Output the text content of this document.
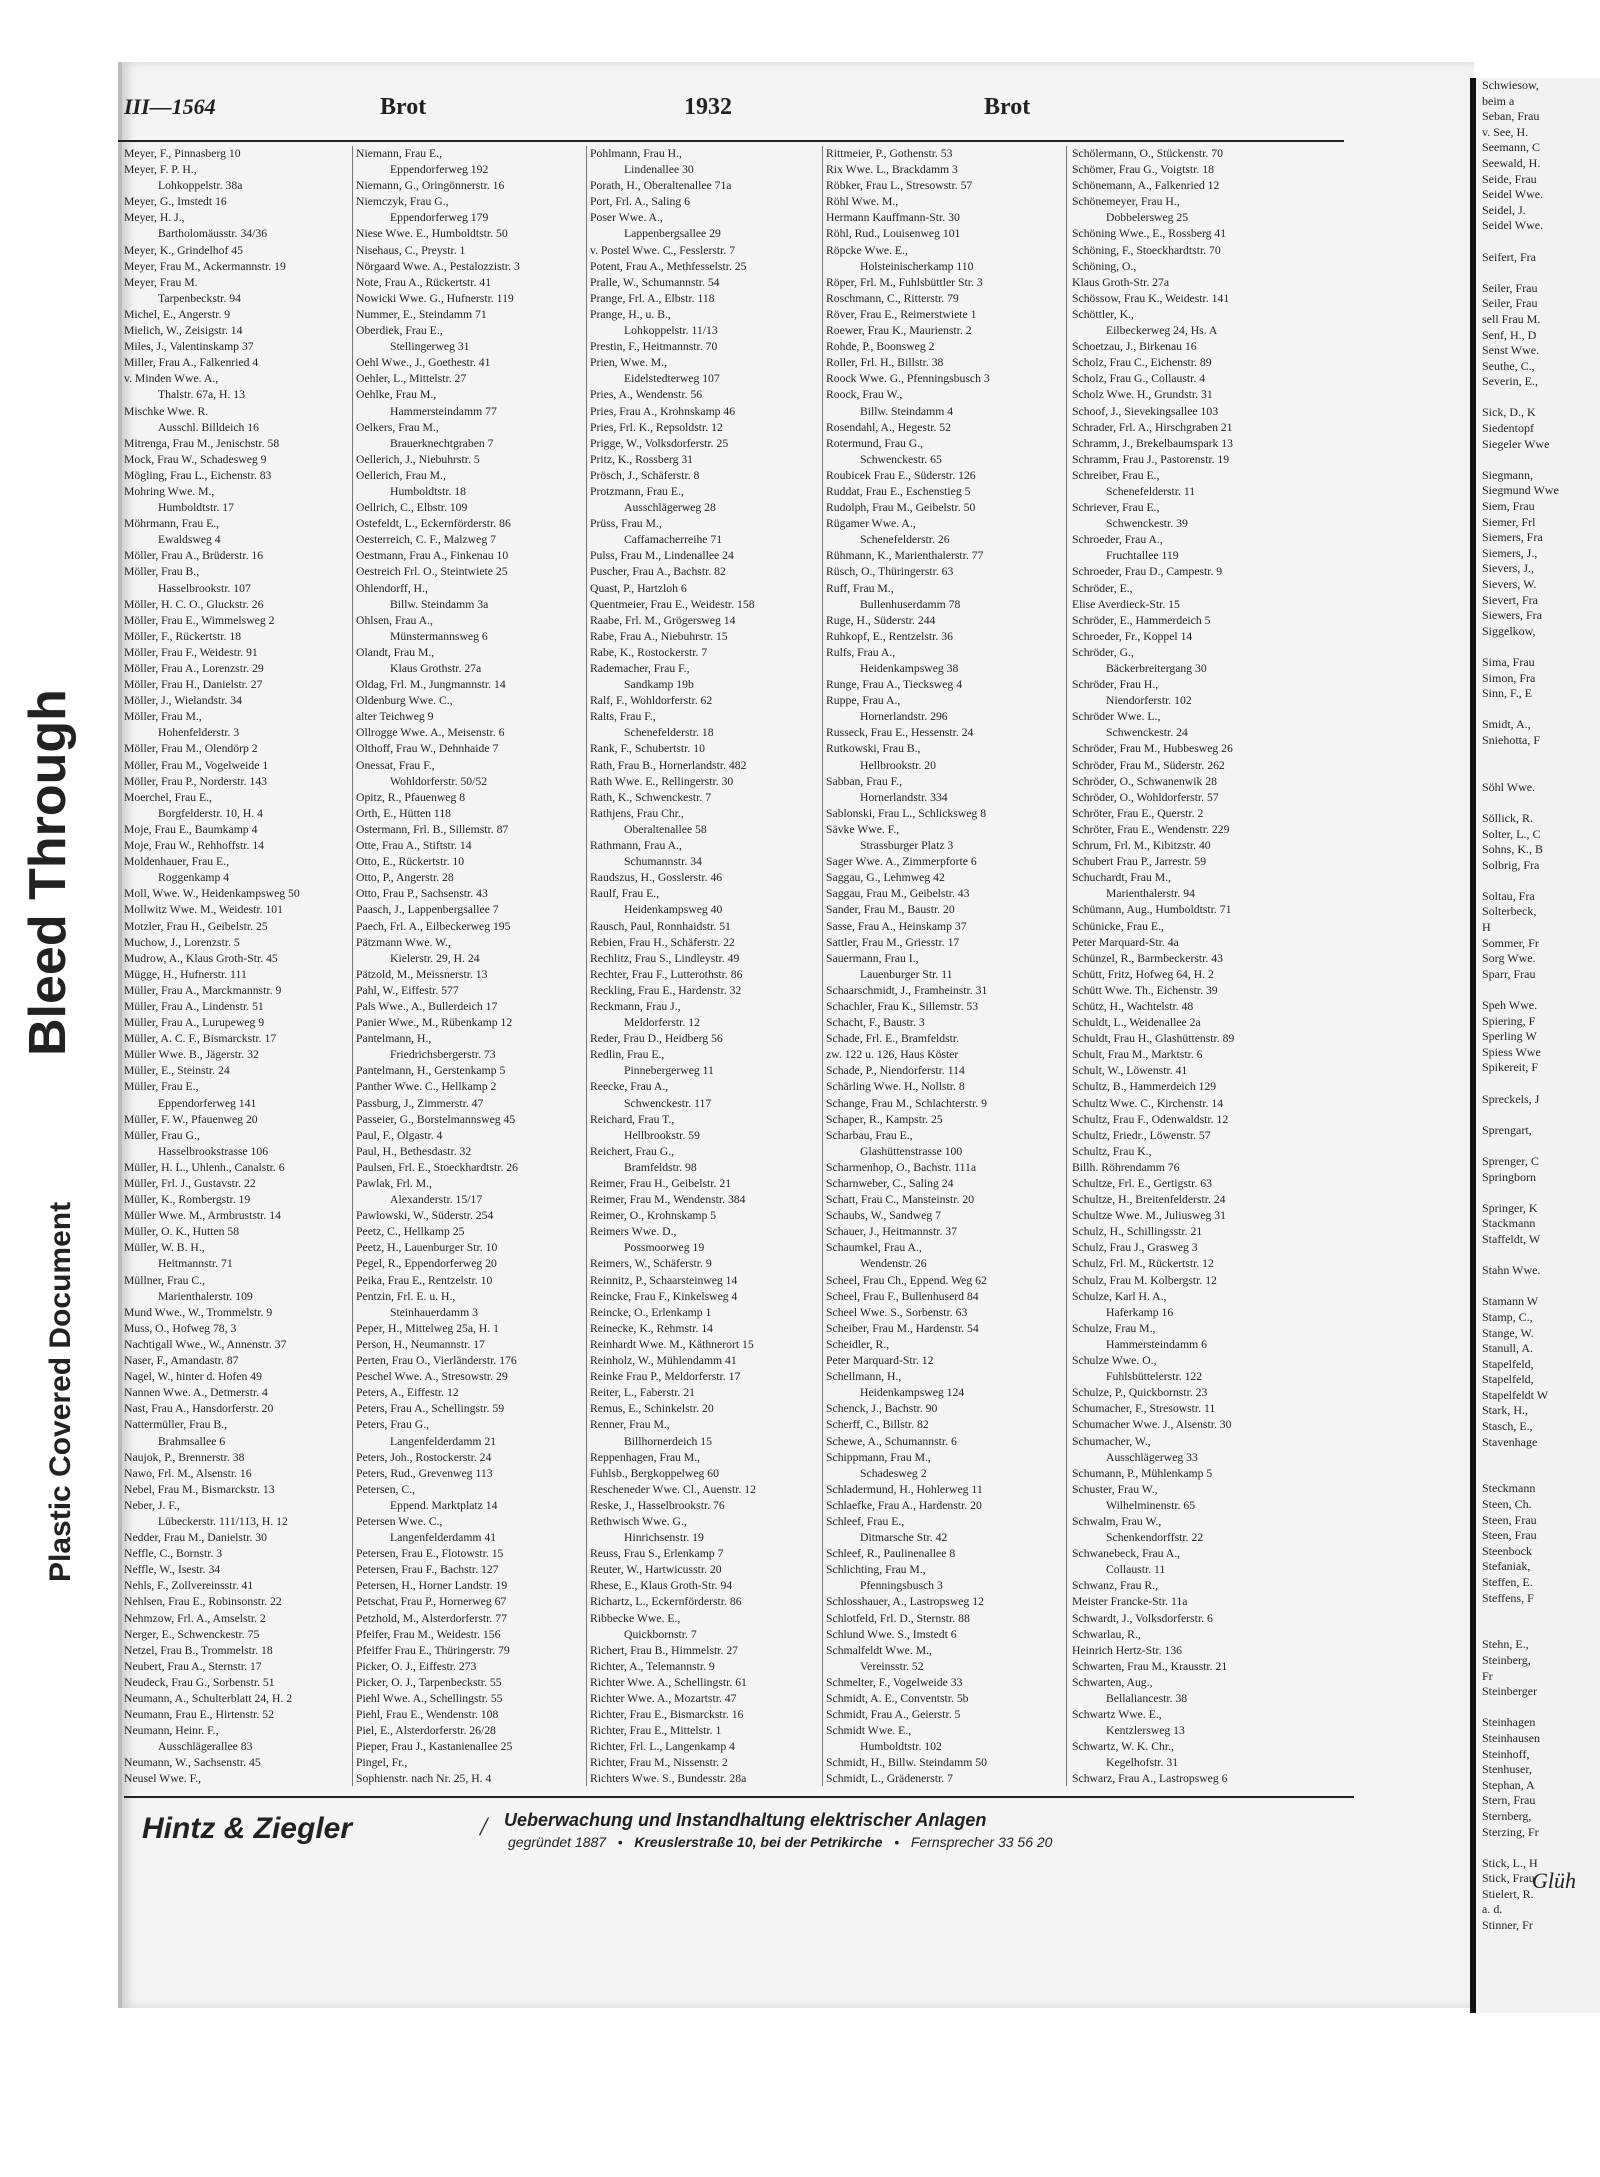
Bleed Through
Plastic Covered Document
III—1564	Brot	1932	Brot
Meyer, F., Pinnasberg 10
Meyer, F. P. H.,
Lohkoppelstr. 38a
Meyer, G., Imstedt 16
Meyer, H. J.,
Bartholomäusstr. 34/36
Meyer, K., Grindelhof 45
Meyer, Frau M., Ackermannstr. 19
Meyer, Frau M.
Tarpenbeckstr. 94
Michel, E., Angerstr. 9
Mielich, W., Zeisigstr. 14
Miles, J., Valentinskamp 37
Miller, Frau A., Falkenried 4
v. Minden Wwe. A.,
Thalstr. 67a, H. 13
Mischke Wwe. R.
Ausschl. Billdeich 16
Mitrenga, Frau M., Jenischstr. 58
Mock, Frau W., Schadesweg 9
Mögling, Frau L., Eichenstr. 83
Mohring Wwe. M.,
Humboldtstr. 17
Möhrmann, Frau E.,
Ewaldsweg 4
Möller, Frau A., Brüderstr. 16
Möller, Frau B.,
Hasselbrookstr. 107
Möller, H. C. O., Gluckstr. 26
Möller, Frau E., Wimmelsweg 2
Möller, F., Rückertstr. 18
Möller, Frau F., Weidestr. 91
Möller, Frau A., Lorenzstr. 29
Möller, Frau H., Danielstr. 27
Möller, J., Wielandstr. 34
Möller, Frau M.,
Hohenfelderstr. 3
Möller, Frau M., Olendörp 2
Möller, Frau M., Vogelweide 1
Möller, Frau P., Norderstr. 143
Moerchel, Frau E.,
Borgfelderstr. 10, H. 4
Moje, Frau E., Baumkamp 4
Moje, Frau W., Rehhoffstr. 14
Moldenhauer, Frau E.,
Roggenkamp 4
Moll, Wwe. W., Heidenkampsweg 50
Mollwitz Wwe. M., Weidestr. 101
Motzler, Frau H., Geibelstr. 25
Muchow, J., Lorenzstr. 5
Mudrow, A., Klaus Groth-Str. 45
Mügge, H., Hufnerstr. 111
Müller, Frau A., Marckmannstr. 9
Müller, Frau A., Lindenstr. 51
Müller, Frau A., Lurupeweg 9
Müller, A. C. F., Bismarckstr. 17
Müller Wwe. B., Jägerstr. 32
Müller, E., Steinstr. 24
Müller, Frau E.,
Eppendorferweg 141
Müller, F. W., Pfauenweg 20
Müller, Frau G.,
Hasselbrookstrasse 106
Müller, H. L., Uhlenh., Canalstr. 6
Müller, Frl. J., Gustavstr. 22
Müller, K., Rombergstr. 19
Müller Wwe. M., Armbruststr. 14
Müller, O. K., Hutten 58
Müller, W. B. H.,
Heitmannstr. 71
Müllner, Frau C.,
Marienthalerstr. 109
Mund Wwe., W., Trommelstr. 9
Muss, O., Hofweg 78, 3
Nachtigall Wwe., W., Annenstr. 37
Naser, F., Amandastr. 87
Nagel, W., hinter d. Hofen 49
Nannen Wwe. A., Detmerstr. 4
Nast, Frau A., Hansdorferstr. 20
Nattermüller, Frau B.,
Brahmsallee 6
Naujok, P., Brennerstr. 38
Nawo, Frl. M., Alsenstr. 16
Nebel, Frau M., Bismarckstr. 13
Neber, J. F.,
Lübeckerstr. 111/113, H. 12
Nedder, Frau M., Danielstr. 30
Neffle, C., Bornstr. 3
Neffle, W., Isestr. 34
Nehls, F., Zollvereinsstr. 41
Nehlsen, Frau E., Robinsonstr. 22
Nehmzow, Frl. A., Amselstr. 2
Nerger, E., Schwenckestr. 75
Netzel, Frau B., Trommelstr. 18
Neubert, Frau A., Sternstr. 17
Neudeck, Frau G., Sorbenstr. 51
Neumann, A., Schulterblatt 24, H. 2
Neumann, Frau E., Hirtenstr. 52
Neumann, Heinr. F.,
Ausschlägerallee 83
Neumann, W., Sachsenstr. 45
Neusel Wwe. F.,
Niemann, Frau E.,
Eppendorferweg 192
Niemann, G., Oringönnerstr. 16
Niemczyk, Frau G.,
Eppendorferweg 179
Niese Wwe. E., Humboldtstr. 50
Nisehaus, C., Preystr. 1
Nörgaard Wwe. A., Pestalozzistr. 3
Note, Frau A., Rückertstr. 41
Nowicki Wwe. G., Hufnerstr. 119
Nummer, E., Steindamm 71
Oberdiek, Frau E.,
Stellingerweg 31
Oehl Wwe., J., Goethestr. 41
Oehler, L., Mittelstr. 27
Oehlke, Frau M.,
Hammersteindamm 77
Oelkers, Frau M.,
Brauerknechtgraben 7
Oellerich, J., Niebuhrstr. 5
Oellerich, Frau M.,
Humboldtstr. 18
Oellrich, C., Elbstr. 109
Ostefeldt, L., Eckernförderstr. 86
Oesterreich, C. F., Malzweg 7
Oestmann, Frau A., Finkenau 10
Oestreich Frl. O., Steintwiete 25
Ohlendorff, H.,
Billw. Steindamm 3a
Ohlsen, Frau A.,
Münstermannsweg 6
Olandt, Frau M.,
Klaus Grothstr. 27a
Oldag, Frl. M., Jungmannstr. 14
Oldenburg Wwe. C.,
alter Teichweg 9
Ollrogge Wwe. A., Meisenstr. 6
Olthoff, Frau W., Dehnhaide 7
Onessat, Frau F.,
Wohldorferstr. 50/52
Opitz, R., Pfauenweg 8
Orth, E., Hütten 118
Ostermann, Frl. B., Sillemstr. 87
Otte, Frau A., Stiftstr. 14
Otto, E., Rückertstr. 10
Otto, P., Angerstr. 28
Otto, Frau P., Sachsenstr. 43
Paasch, J., Lappenbergsallee 7
Paech, Frl. A., Eilbeckerweg 195
Pätzmann Wwe. W.,
Kielerstr. 29, H. 24
Pätzold, M., Meissnerstr. 13
Pahl, W., Eiffestr. 577
Pals Wwe., A., Bullerdeich 17
Panier Wwe., M., Rübenkamp 12
Pantelmann, H.,
Friedrichsbergerstr. 73
Pantelmann, H., Gerstenkamp 5
Panther Wwe. C., Hellkamp 2
Passburg, J., Zimmerstr. 47
Passeier, G., Borstelmannsweg 45
Paul, F., Olgastr. 4
Paul, H., Bethesdastr. 32
Paulsen, Frl. E., Stoeckhardtstr. 26
Pawlak, Frl. M.,
Alexanderstr. 15/17
Pawlowski, W., Süderstr. 254
Peetz, C., Hellkamp 25
Peetz, H., Lauenburger Str. 10
Pegel, R., Eppendorferweg 20
Peika, Frau E., Rentzelstr. 10
Pentzin, Frl. E. u. H.,
Steinhauerdamm 3
Peper, H., Mittelweg 25a, H. 1
Person, H., Neumannstr. 17
Perten, Frau O., Vierländerstr. 176
Peschel Wwe. A., Stresowstr. 29
Peters, A., Eiffestr. 12
Peters, Frau A., Schellingstr. 59
Peters, Frau G.,
Langenfelderdamm 21
Peters, Joh., Rostockerstr. 24
Peters, Rud., Grevenweg 113
Petersen, C.,
Eppend. Marktplatz 14
Petersen Wwe. C.,
Langenfelderdamm 41
Petersen, Frau E., Flotowstr. 15
Petersen, Frau F., Bachstr. 127
Petersen, H., Horner Landstr. 19
Petschat, Frau P., Hornerweg 67
Petzhold, M., Alsterdorferstr. 77
Pfeifer, Frau M., Weidestr. 156
Pfeiffer Frau E., Thüringerstr. 79
Picker, O. J., Eiffestr. 273
Picker, O. J., Tarpenbeckstr. 55
Piehl Wwe. A., Schellingstr. 55
Piehl, Frau E., Wendenstr. 108
Piel, E., Alsterdorferstr. 26/28
Pieper, Frau J., Kastanienallee 25
Pingel, Fr.,
Sophienstr. nach Nr. 25, H. 4
Pohlmann, Frau H.,
Lindenallee 30
Porath, H., Oberaltenallee 71a
Port, Frl. A., Saling 6
Poser Wwe. A.,
Lappenbergsallee 29
v. Postel Wwe. C., Fesslerstr. 7
Potent, Frau A., Methfesselstr. 25
Pralle, W., Schumannstr. 54
Prange, Frl. A., Elbstr. 118
Prange, H., u. B.,
Lohkoppelstr. 11/13
Prestin, F., Heitmannstr. 70
Prien, Wwe. M.,
Eidelstedterweg 107
Pries, A., Wendenstr. 56
Pries, Frau A., Krohnskamp 46
Pries, Frl. K., Repsoldstr. 12
Prigge, W., Volksdorferstr. 25
Pritz, K., Rossberg 31
Prösch, J., Schäferstr. 8
Protzmann, Frau E.,
Ausschlägerweg 28
Prüss, Frau M.,
Caffamacherreihe 71
Pulss, Frau M., Lindenallee 24
Puscher, Frau A., Bachstr. 82
Quast, P., Hartzloh 6
Quentmeier, Frau E., Weidestr. 158
Raabe, Frl. M., Grögersweg 14
Rabe, Frau A., Niebuhrstr. 15
Rabe, K., Rostockerstr. 7
Rademacher, Frau F.,
Sandkamp 19b
Ralf, F., Wohldorferstr. 62
Ralts, Frau F.,
Schenefelderstr. 18
Rank, F., Schubertstr. 10
Rath, Frau B., Hornerlandstr. 482
Rath Wwe. E., Rellingerstr. 30
Rath, K., Schwenckestr. 7
Rathjens, Frau Chr.,
Oberaltenallee 58
Rathmann, Frau A.,
Schumannstr. 34
Raudszus, H., Gosslerstr. 46
Raulf, Frau E.,
Heidenkampsweg 40
Rausch, Paul, Ronnhaidstr. 51
Rebien, Frau H., Schäferstr. 22
Rechlitz, Frau S., Lindleystr. 49
Rechter, Frau F., Lutterothstr. 86
Reckling, Frau E., Hardenstr. 32
Reckmann, Frau J.,
Meldorferstr. 12
Reder, Frau D., Heidberg 56
Redlin, Frau E.,
Pinnebergerweg 11
Reecke, Frau A.,
Schwenckestr. 117
Reichard, Frau T.,
Hellbrookstr. 59
Reichert, Frau G.,
Bramfeldstr. 98
Reimer, Frau H., Geibelstr. 21
Reimer, Frau M., Wendenstr. 384
Reimer, O., Krohnskamp 5
Reimers Wwe. D.,
Possmoorweg 19
Reimers, W., Schäferstr. 9
Reinnitz, P., Schaarsteinweg 14
Reincke, Frau F., Kinkelsweg 4
Reincke, O., Erlenkamp 1
Reinecke, K., Rehmstr. 14
Reinhardt Wwe. M., Käthnerort 15
Reinholz, W., Mühlendamm 41
Reinke Frau P., Meldorferstr. 17
Reiter, L., Faberstr. 21
Remus, E., Schinkelstr. 20
Renner, Frau M.,
Billhornerdeich 15
Reppenhagen, Frau M.,
Fuhlsb., Bergkoppelweg 60
Rescheneder Wwe. Cl., Auenstr. 12
Reske, J., Hasselbrookstr. 76
Rethwisch Wwe. G.,
Hinrichsenstr. 19
Reuss, Frau S., Erlenkamp 7
Reuter, W., Hartwicusstr. 20
Rhese, E., Klaus Groth-Str. 94
Richartz, L., Eckernförderstr. 86
Ribbecke Wwe. E.,
Quickbornstr. 7
Richert, Frau B., Himmelstr. 27
Richter, A., Telemannstr. 9
Richter Wwe. A., Schellingstr. 61
Richter Wwe. A., Mozartstr. 47
Richter, Frau E., Bismarckstr. 16
Richter, Frau E., Mittelstr. 1
Richter, Frl. L., Langenkamp 4
Richter, Frau M., Nissenstr. 2
Richters Wwe. S., Bundesstr. 28a
Rittmeier, P., Gothenstr. 53
Rix Wwe. L., Brackdamm 3
Röbker, Frau L., Stresowstr. 57
Röhl Wwe. M.,
Hermann Kauffmann-Str. 30
Röhl, Rud., Louisenweg 101
Röpcke Wwe. E.,
Holsteinischerkamp 110
Röper, Frl. M., Fuhlsbüttler Str. 3
Roschmann, C., Ritterstr. 79
Röver, Frau E., Reimerstwiete 1
Roewer, Frau K., Maurienstr. 2
Rohde, P., Boonsweg 2
Roller, Frl. H., Billstr. 38
Roock Wwe. G., Pfenningsbusch 3
Roock, Frau W.,
Billw. Steindamm 4
Rosendahl, A., Hegestr. 52
Rotermund, Frau G.,
Schwenckestr. 65
Roubicek Frau E., Süderstr. 126
Ruddat, Frau E., Eschenstieg 5
Rudolph, Frau M., Geibelstr. 50
Rügamer Wwe. A.,
Schenefelderstr. 26
Rühmann, K., Marienthalerstr. 77
Rüsch, O., Thüringerstr. 63
Ruff, Frau M.,
Bullenhuserdamm 78
Ruge, H., Süderstr. 244
Ruhkopf, E., Rentzelstr. 36
Rulfs, Frau A.,
Heidenkampsweg 38
Runge, Frau A., Tiecksweg 4
Ruppe, Frau A.,
Hornerlandstr. 296
Russeck, Frau E., Hessenstr. 24
Rutkowski, Frau B.,
Hellbrookstr. 20
Sabban, Frau F.,
Hornerlandstr. 334
Sablonski, Frau L., Schlicksweg 8
Sävke Wwe. F.,
Strassburger Platz 3
Sager Wwe. A., Zimmerpforte 6
Saggau, G., Lehmweg 42
Saggau, Frau M., Geibelstr. 43
Sander, Frau M., Baustr. 20
Sasse, Frau A., Heinskamp 37
Sattler, Frau M., Griesstr. 17
Sauermann, Frau I.,
Lauenburger Str. 11
Schaarschmidt, J., Framheinstr. 31
Schachler, Frau K., Sillemstr. 53
Schacht, F., Baustr. 3
Schade, Frl. E., Bramfeldstr.
zw. 122 u. 126, Haus Köster
Schade, P., Niendorferstr. 114
Schärling Wwe. H., Nollstr. 8
Schange, Frau M., Schlachterstr. 9
Schaper, R., Kampstr. 25
Scharbau, Frau E.,
Glashüttenstrasse 100
Scharmenhop, O., Bachstr. 111a
Scharnweber, C., Saling 24
Schatt, Frau C., Mansteinstr. 20
Schaubs, W., Sandweg 7
Schauer, J., Heitmannstr. 37
Schaumkel, Frau A.,
Wendenstr. 26
Scheel, Frau Ch., Eppend. Weg 62
Scheel, Frau F., Bullenhuserd 84
Scheel Wwe. S., Sorbenstr. 63
Scheiber, Frau M., Hardenstr. 54
Scheidler, R.,
Peter Marquard-Str. 12
Schellmann, H.,
Heidenkampsweg 124
Schenck, J., Bachstr. 90
Scherff, C., Billstr. 82
Schewe, A., Schumannstr. 6
Schippmann, Frau M.,
Schadesweg 2
Schladermund, H., Hohlerweg 11
Schlaefke, Frau A., Hardenstr. 20
Schleef, Frau E.,
Ditmarsche Str. 42
Schleef, R., Paulinenallee 8
Schlichting, Frau M.,
Pfenningsbusch 3
Schlosshauer, A., Lastropsweg 12
Schlotfeld, Frl. D., Sternstr. 88
Schlund Wwe. S., Imstedt 6
Schmalfeldt Wwe. M.,
Vereinsstr. 52
Schmelter, F., Vogelweide 33
Schmidt, A. E., Conventstr. 5b
Schmidt, Frau A., Geierstr. 5
Schmidt Wwe. E.,
Humboldtstr. 102
Schmidt, H., Billw. Steindamm 50
Schmidt, L., Grädenerstr. 7
Schölermann, O., Stückenstr. 70
Schömer, Frau G., Voigtstr. 18
Schönemann, A., Falkenried 12
Schönemeyer, Frau H.,
Dobbelersweg 25
Schöning Wwe., E., Rossberg 41
Schöning, F., Stoeckhardtstr. 70
Schöning, O.,
Klaus Groth-Str. 27a
Schössow, Frau K., Weidestr. 141
Schöttler, K.,
Eilbeckerweg 24, Hs. A
Schoetzau, J., Birkenau 16
Scholz, Frau C., Eichenstr. 89
Scholz, Frau G., Collaustr. 4
Scholz Wwe. H., Grundstr. 31
Schoof, J., Sievekingsallee 103
Schrader, Frl. A., Hirschgraben 21
Schramm, J., Brekelbaumspark 13
Schramm, Frau J., Pastorenstr. 19
Schreiber, Frau E.,
Schenefelderstr. 11
Schriever, Frau E.,
Schwenckestr. 39
Schroeder, Frau A.,
Fruchtallee 119
Schroeder, Frau D., Campestr. 9
Schröder, E.,
Elise Averdieck-Str. 15
Schröder, E., Hammerdeich 5
Schroeder, Fr., Koppel 14
Schröder, G.,
Bäckerbreitergang 30
Schröder, Frau H.,
Niendorferstr. 102
Schröder Wwe. L.,
Schwenckestr. 24
Schröder, Frau M., Hubbesweg 26
Schröder, Frau M., Süderstr. 262
Schröder, O., Schwanenwik 28
Schröder, O., Wohldorferstr. 57
Schröter, Frau E., Querstr. 2
Schröter, Frau E., Wendenstr. 229
Schrum, Frl. M., Kibitzstr. 40
Schubert Frau P., Jarrestr. 59
Schuchardt, Frau M.,
Marienthalerstr. 94
Schümann, Aug., Humboldtstr. 71
Schünicke, Frau E.,
Peter Marquard-Str. 4a
Schünzel, R., Barmbeckerstr. 43
Schütt, Fritz, Hofweg 64, H. 2
Schütt Wwe. Th., Eichenstr. 39
Schütz, H., Wachtelstr. 48
Schuldt, L., Weidenallee 2a
Schuldt, Frau H., Glashüttenstr. 89
Schult, Frau M., Marktstr. 6
Schult, W., Löwenstr. 41
Schultz, B., Hammerdeich 129
Schultz Wwe. C., Kirchenstr. 14
Schultz, Frau F., Odenwaldstr. 12
Schultz, Friedr., Löwenstr. 57
Schultz, Frau K.,
Billh. Röhrendamm 76
Schultze, Frl. E., Gertigstr. 63
Schultze, H., Breitenfelderstr. 24
Schultze Wwe. M., Juliusweg 31
Schulz, H., Schillingsstr. 21
Schulz, Frau J., Grasweg 3
Schulz, Frl. M., Rückertstr. 12
Schulz, Frau M. Kolbergstr. 12
Schulze, Karl H. A.,
Haferkamp 16
Schulze, Frau M.,
Hammersteindamm 6
Schulze Wwe. O.,
Fuhlsbüttelerstr. 122
Schulze, P., Quickbornstr. 23
Schumacher, F., Stresowstr. 11
Schumacher Wwe. J., Alsenstr. 30
Schumacher, W.,
Ausschlägerweg 33
Schumann, P., Mühlenkamp 5
Schuster, Frau W.,
Wilhelminenstr. 65
Schwalm, Frau W.,
Schenkendorffstr. 22
Schwanebeck, Frau A.,
Collaustr. 11
Schwanz, Frau R.,
Meister Francke-Str. 11a
Schwardt, J., Volksdorferstr. 6
Schwarlau, R.,
Heinrich Hertz-Str. 136
Schwarten, Frau M., Krausstr. 21
Schwarten, Aug.,
Bellaliancestr. 38
Schwartz Wwe. E.,
Kentzlersweg 13
Schwartz, W. K. Chr.,
Kegelhofstr. 31
Schwarz, Frau A., Lastropsweg 6
Hintz & Ziegler	/ Ueberwachung und Instandhaltung elektrischer Anlagen
gegründet 1887   •   Kreuslerstraße 10, bei der Petrikirche   •   Fernsprecher 33 56 20
Schwiesow,
beim a
Seban, Frau
v. See, H.
Seemann, C
Seewald, H.
Seide, Frau
Seidel Wwe.
Seidel, J.
Seidel Wwe.

Seifert, Fra

Seiler, Frau
Seiler, Frau
sell Frau M.
Senf, H., D
Senst Wwe.
Seuthe, C.,
Severin, E.,

Sick, D., K
Siedentopf
Siegeler Wwe

Siegmann,
Siegmund Wwe
Siem, Frau
Siemer, Frl
Siemers, Fra
Siemers, J.,
Sievers, J.,
Sievers, W.
Sievert, Fra
Siewers, Fra
Siggelkow,

Sima, Frau
Simon, Fra
Sinn, F., E

Smidt, A.,
Sniehotta, F

Söhl Wwe.

Söllick, R.
Solter, L., C
Sohns, K., B
Solbrig, Fra

Soltau, Fra
Solterbeck,
H
Sommer, Fr
Sorg Wwe.
Sparr, Frau

Speh Wwe.
Spiering, F
Sperling W
Spiess Wwe
Spikereit, F

Spreckels, J

Sprengart,

Sprenger, C
Springborn

Springer, K
Stackmann
Staffeldt, W

Stahn Wwe.

Stamann W
Stamp, C.,
Stange, W.
Stanull, A.
Stapelfeld,
Stapelfeld,
Stapelfeldt W
Stark, H.,
Stasch, E.,
Stavenhage

Steckmann
Steen, Ch.
Steen, Frau
Steen, Frau
Steenbock
Stefaniak,
Steffen, E.
Steffens, F

Stehn, E.,
Steinberg,
Fr
Steinberger

Steinhagen
Steinhausen
Steinhoff,
Stenhuser,
Stephan, A
Stern, Frau
Sternberg,
Sterzing, Fr

Stick, L., H
Stick, Frau
Stielert, R.
a. d.
Stinner, Fr
Glüh
